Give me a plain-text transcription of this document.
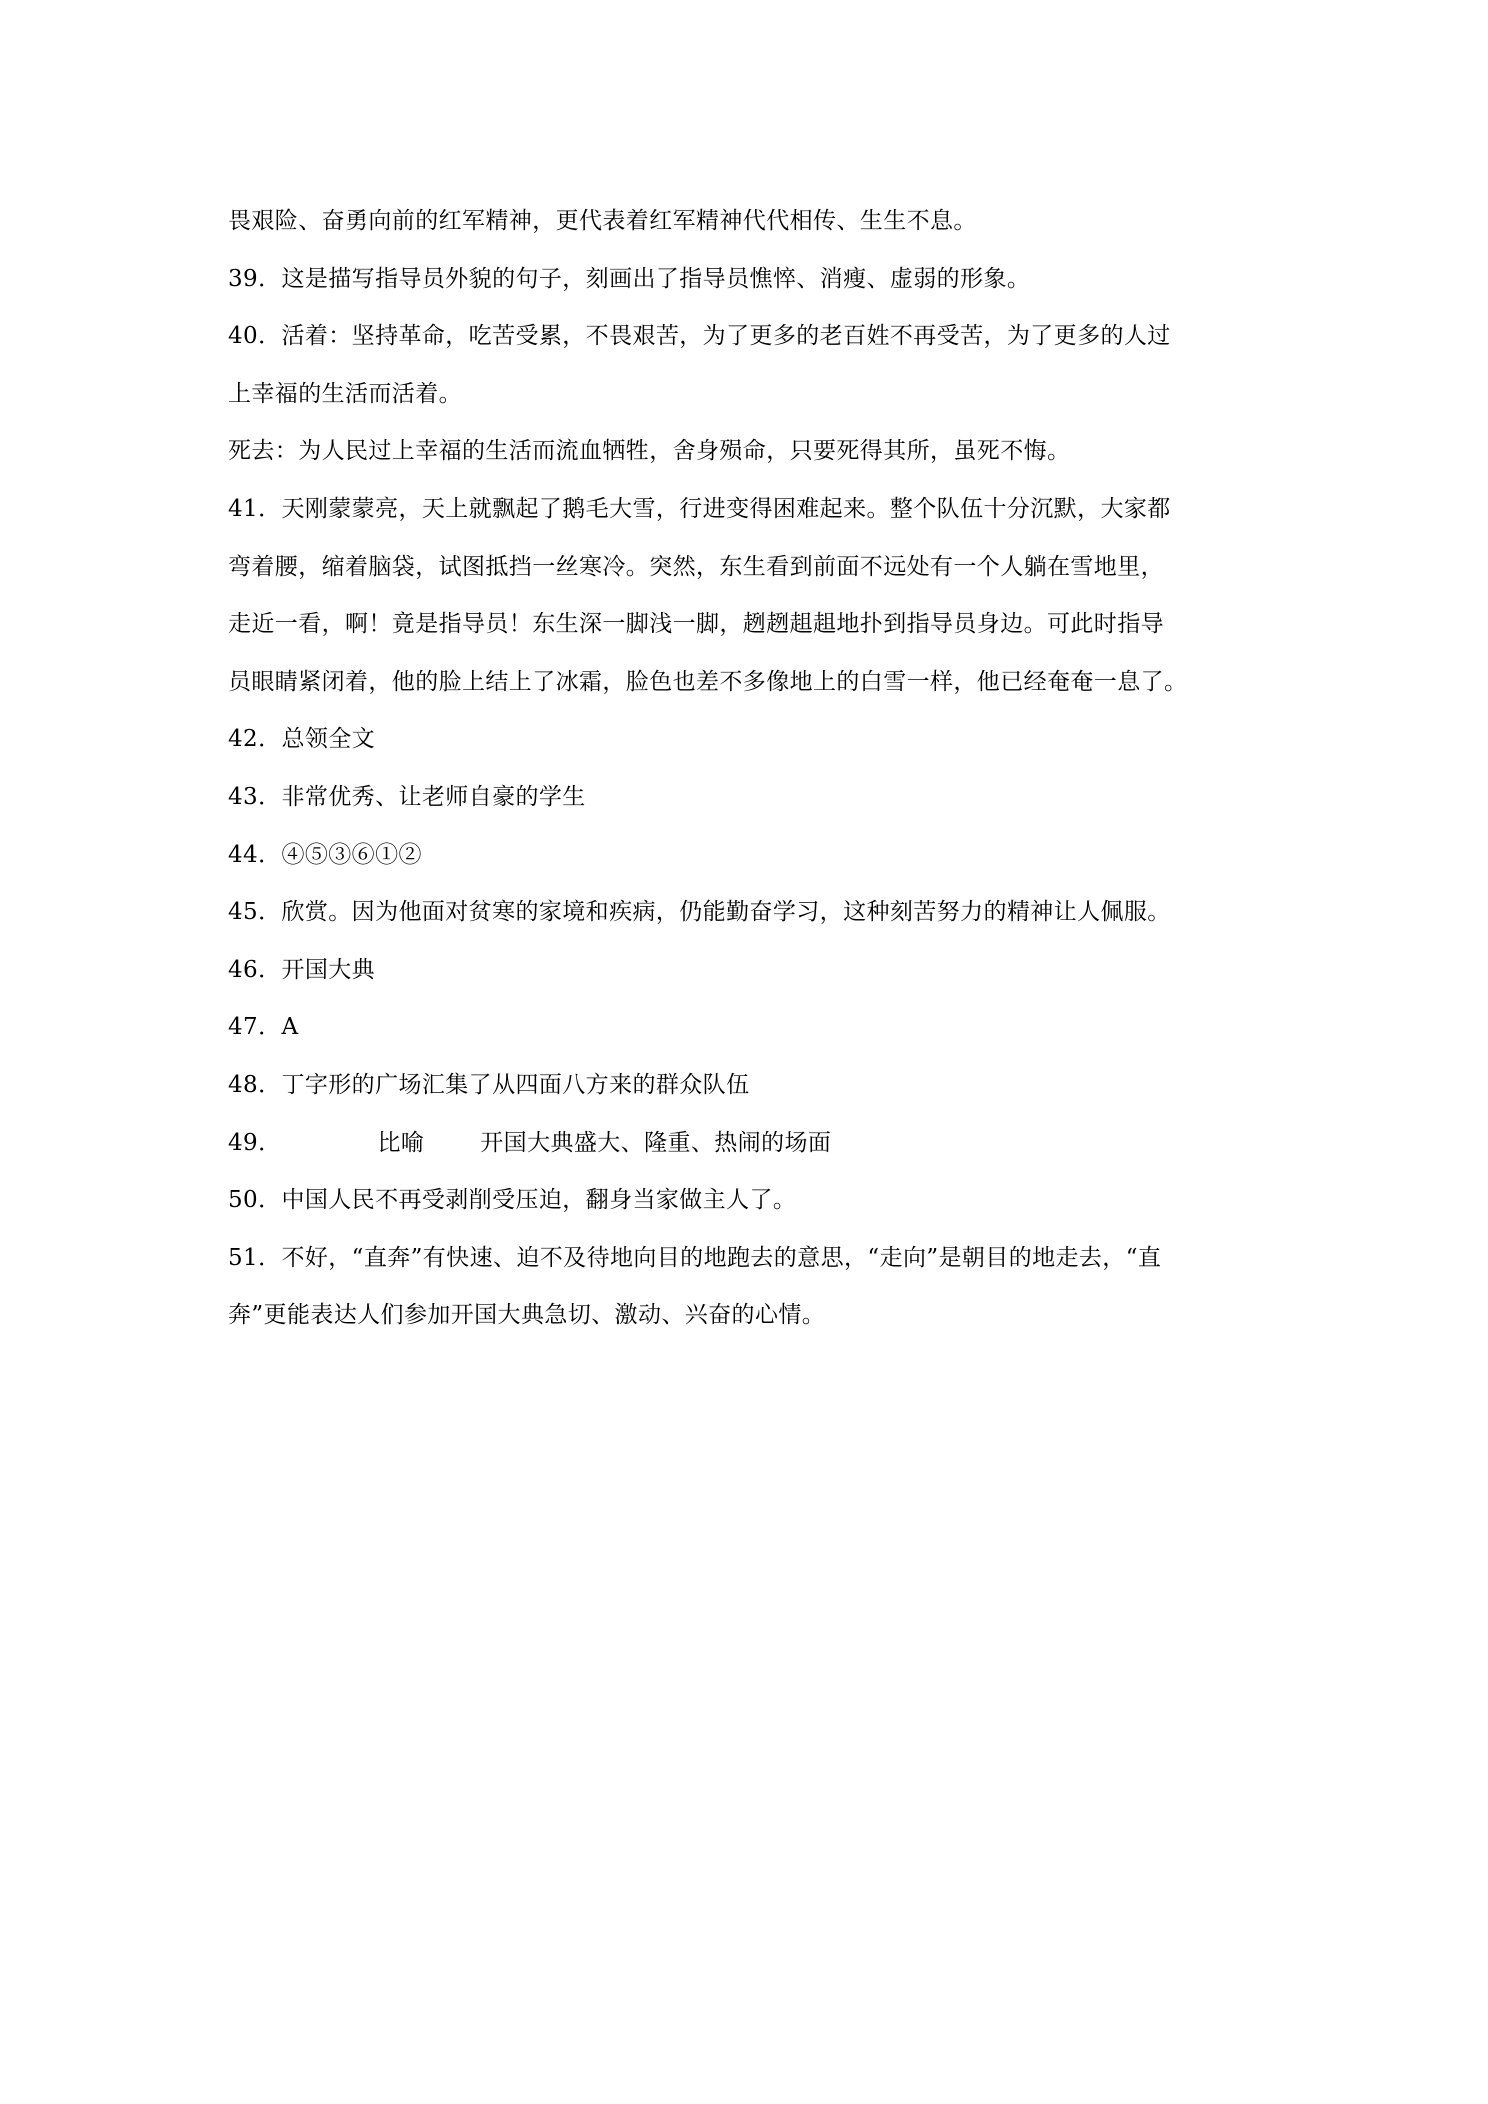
畏艰险、奋勇向前的红军精神，更代表着红军精神代代相传、生生不息。

39．这是描写指导员外貌的句子，刻画出了指导员憔悴、消瘦、虚弱的形象。

40．活着：坚持革命，吃苦受累，不畏艰苦，为了更多的老百姓不再受苦，为了更多的人过
上幸福的生活而活着。

死去：为人民过上幸福的生活而流血牺牲，舍身殒命，只要死得其所，虽死不悔。

41．天刚蒙蒙亮，天上就飘起了鹅毛大雪，行进变得困难起来。整个队伍十分沉默，大家都
弯着腰，缩着脑袋，试图抵挡一丝寒冷。突然，东生看到前面不远处有一个人躺在雪地里，
走近一看，啊！竟是指导员！东生深一脚浅一脚，趔趔趄趄地扑到指导员身边。可此时指导
员眼睛紧闭着，他的脸上结上了冰霜，脸色也差不多像地上的白雪一样，他已经奄奄一息了。

42．总领全文

43．非常优秀、让老师自豪的学生

44．④⑤③⑥①②

45．欣赏。因为他面对贫寒的家境和疾病，仍能勤奋学习，这种刻苦努力的精神让人佩服。

46．开国大典

47．A

48．丁字形的广场汇集了从四面八方来的群众队伍

49．	比喻 开国大典盛大、隆重、热闹的场面

50．中国人民不再受剥削受压迫，翻身当家做主人了。

51．不好，“直奔”有快速、迫不及待地向目的地跑去的意思，“走向”是朝目的地走去，“直
奔”更能表达人们参加开国大典急切、激动、兴奋的心情。
